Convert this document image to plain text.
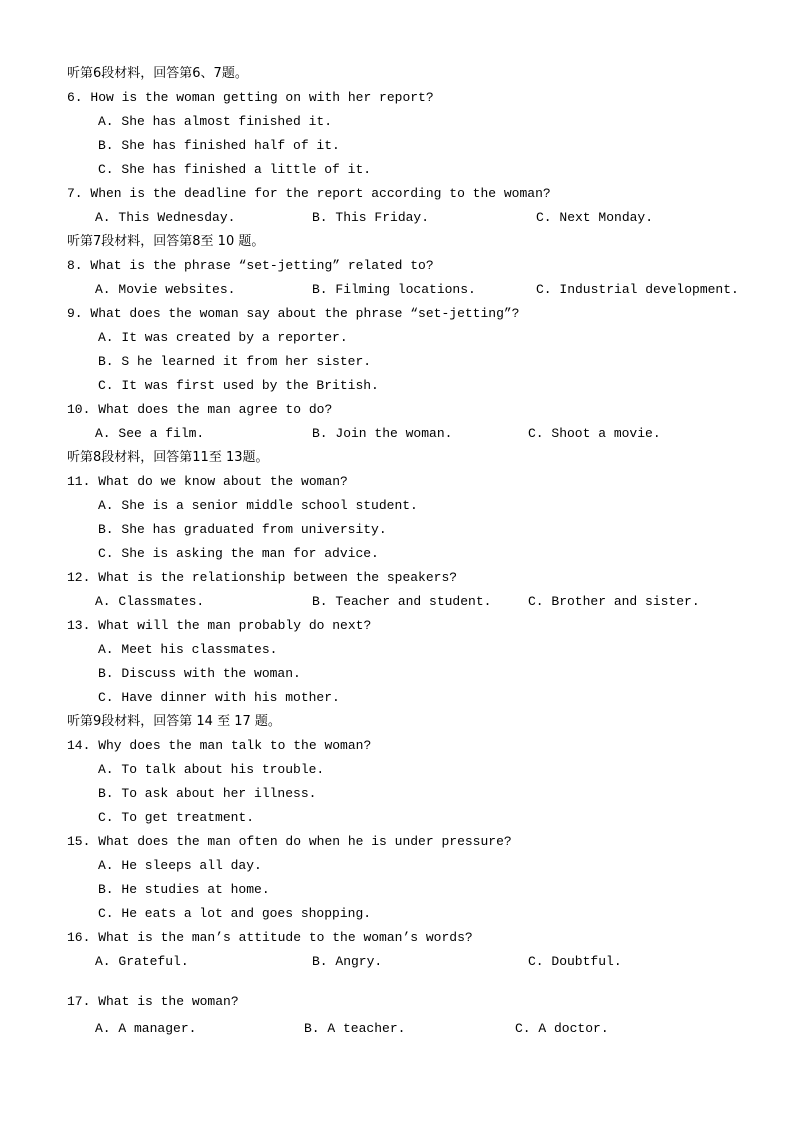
听第6段材料，回答第6、7题。
6. How is the woman getting on with her report?
A. She has almost finished it.
B. She has finished half of it.
C. She has finished a little of it.
7. When is the deadline for the report according to the woman?
A. This Wednesday.	B. This Friday.	C. Next Monday.
听第7段材料，回答第8至 10 题。
8. What is the phrase “set-jetting” related to?
A. Movie websites.	B. Filming locations.	C. Industrial development.
9. What does the woman say about the phrase “set-jetting”?
A. It was created by a reporter.
B. S he learned it from her sister.
C. It was first used by the British.
10. What does the man agree to do?
A. See a film.	B. Join the woman.	C. Shoot a movie.
听第8段材料，回答第11至 13题。
11. What do we know about the woman?
A. She is a senior middle school student.
B. She has graduated from university.
C. She is asking the man for advice.
12. What is the relationship between the speakers?
A. Classmates.	B. Teacher and student.	C. Brother and sister.
13. What will the man probably do next?
A. Meet his classmates.
B. Discuss with the woman.
C. Have dinner with his mother.
听第9段材料，回答第 14 至 17 题。
14. Why does the man talk to the woman?
A. To talk about his trouble.
B. To ask about her illness.
C. To get treatment.
15. What does the man often do when he is under pressure?
A. He sleeps all day.
B. He studies at home.
C. He eats a lot and goes shopping.
16. What is the man’s attitude to the woman’s words?
A. Grateful.	B. Angry.	C. Doubtful.
17. What is the woman?
A. A manager.	B. A teacher.	C. A doctor.
